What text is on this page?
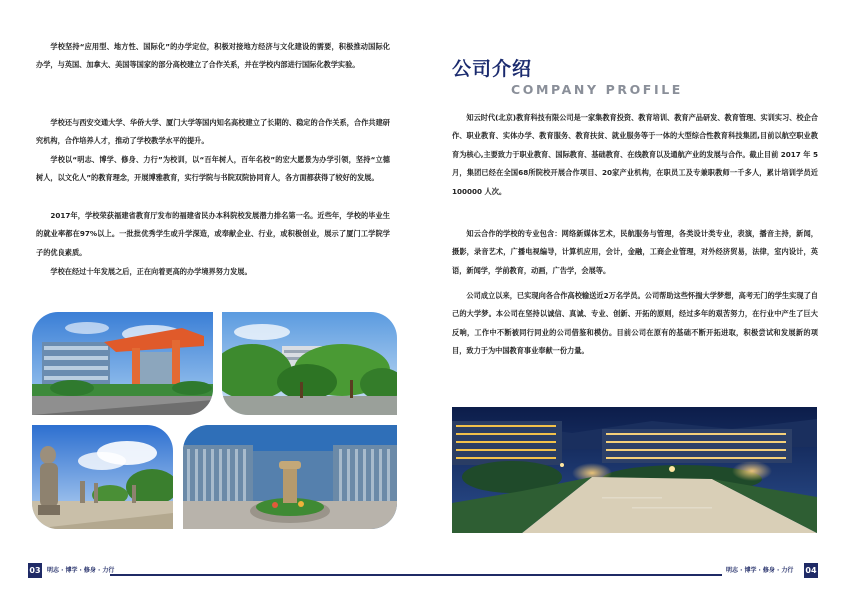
学校坚持“应用型、地方性、国际化”的办学定位，积极对接地方经济与文化建设的需要，积极推动国际化办学，与英国、加拿大、美国等国家的部分高校建立了合作关系，并在学校内部进行国际化教学实验。

学校还与西安交通大学、华侨大学、厦门大学等国内知名高校建立了长期的、稳定的合作关系，合作共建研究机构，合作培养人才，推动了学校教学水平的提升。

学校以“明志、博学、修身、力行”为校训，以“百年树人，百年名校”的宏大愿景为办学引领，坚持“立德树人，以文化人”的教育理念，开展博雅教育，实行学院与书院双院协同育人，各方面都获得了较好的发展。

2017年，学校荣获福建省教育厅发布的福建省民办本科院校发展潜力排名第一名。近些年，学校的毕业生的就业率都在97%以上。一批批优秀学生或升学深造，或奉献企业、行业，或积极创业，展示了厦门工学院学子的优良素质。

学校在经过十年发展之后，正在向着更高的办学境界努力发展。

03 明志 · 博学 · 修身 · 力行
公司介绍
COMPANY PROFILE

知云时代(北京)教育科技有限公司是一家集教育投资、教育培训、教育产品研发、教育管理、实训实习、校企合作、职业教育、实体办学、教育服务、教育扶贫、就业服务等于一体的大型综合性教育科技集团,目前以航空职业教育为核心,主要致力于职业教育、国际教育、基础教育、在线教育以及通航产业的发展与合作。截止目前 2017 年 5 月，集团已经在全国68所院校开展合作项目、20家产业机构，在职员工及专兼职教师一千多人，累计培训学员近 100000 人次。

知云合作的学校的专业包含：网络新媒体艺术，民航服务与管理，各类设计类专业，表演，播音主持，新闻，摄影，录音艺术，广播电视编导，计算机应用，会计，金融，工商企业管理，对外经济贸易，法律，室内设计，英语，新闻学，学前教育，动画，广告学，会展等。

公司成立以来，已实现向各合作高校输送近2万名学员。公司帮助这些怀揣大学梦想，高考无门的学生实现了自己的大学梦。本公司在坚持以诚信、真诚、专业、创新、开拓的原则，经过多年的艰苦努力，在行业中产生了巨大反响，工作中不断被同行同业的公司借鉴和模仿。目前公司在原有的基础不断开拓进取，积极尝试和发展新的项目，致力于为中国教育事业奉献一份力量。

明志 · 博学 · 修身 · 力行 04
